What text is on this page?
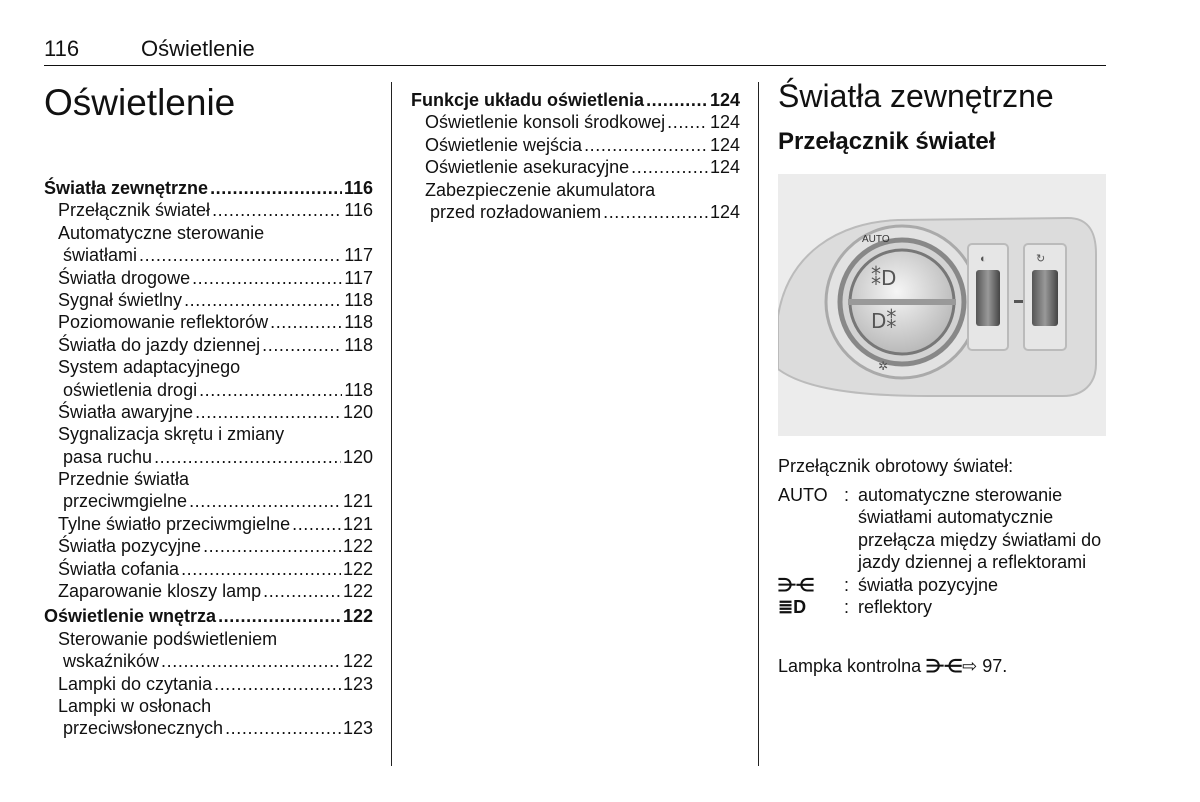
116	Oświetlenie
Oświetlenie
Światła zewnętrzne . . .	116
Przełącznik świateł . . .	116
Automatyczne sterowanie
światłami . . .	117
Światła drogowe . . .	117
Sygnał świetlny . . .	118
Poziomowanie reflektorów . . .	118
Światła do jazdy dziennej . . .	118
System adaptacyjnego
oświetlenia drogi . . .	118
Światła awaryjne . . .	120
Sygnalizacja skrętu i zmiany
pasa ruchu . . .	120
Przednie światła
przeciwmgielne . . .	121
Tylne światło przeciwmgielne . . .	121
Światła pozycyjne . . .	122
Światła cofania . . .	122
Zaparowanie kloszy lamp . . .	122
Oświetlenie wnętrza . . .	122
Sterowanie podświetleniem
wskaźników . . .	122
Lampki do czytania . . .	123
Lampki w osłonach
przeciwsłonecznych . . .	123
Funkcje układu oświetlenia . . .	124
Oświetlenie konsoli środkowej . . . 124
Oświetlenie wejścia . . .	124
Oświetlenie asekuracyjne . . .	124
Zabezpieczenie akumulatora
przed rozładowaniem . . .	124
Światła zewnętrzne
Przełącznik świateł
AUTO
⁑D
D⁑
✲
◐	↻
Przełącznik obrotowy świateł:
AUTO : automatyczne sterowanie światłami automatycznie przełącza między światłami do jazdy dziennej a reflektorami
⋺⋲	: światła pozycyjne
≣D	: reflektory
Lampka kontrolna ⋺⋲⇨ 97.
